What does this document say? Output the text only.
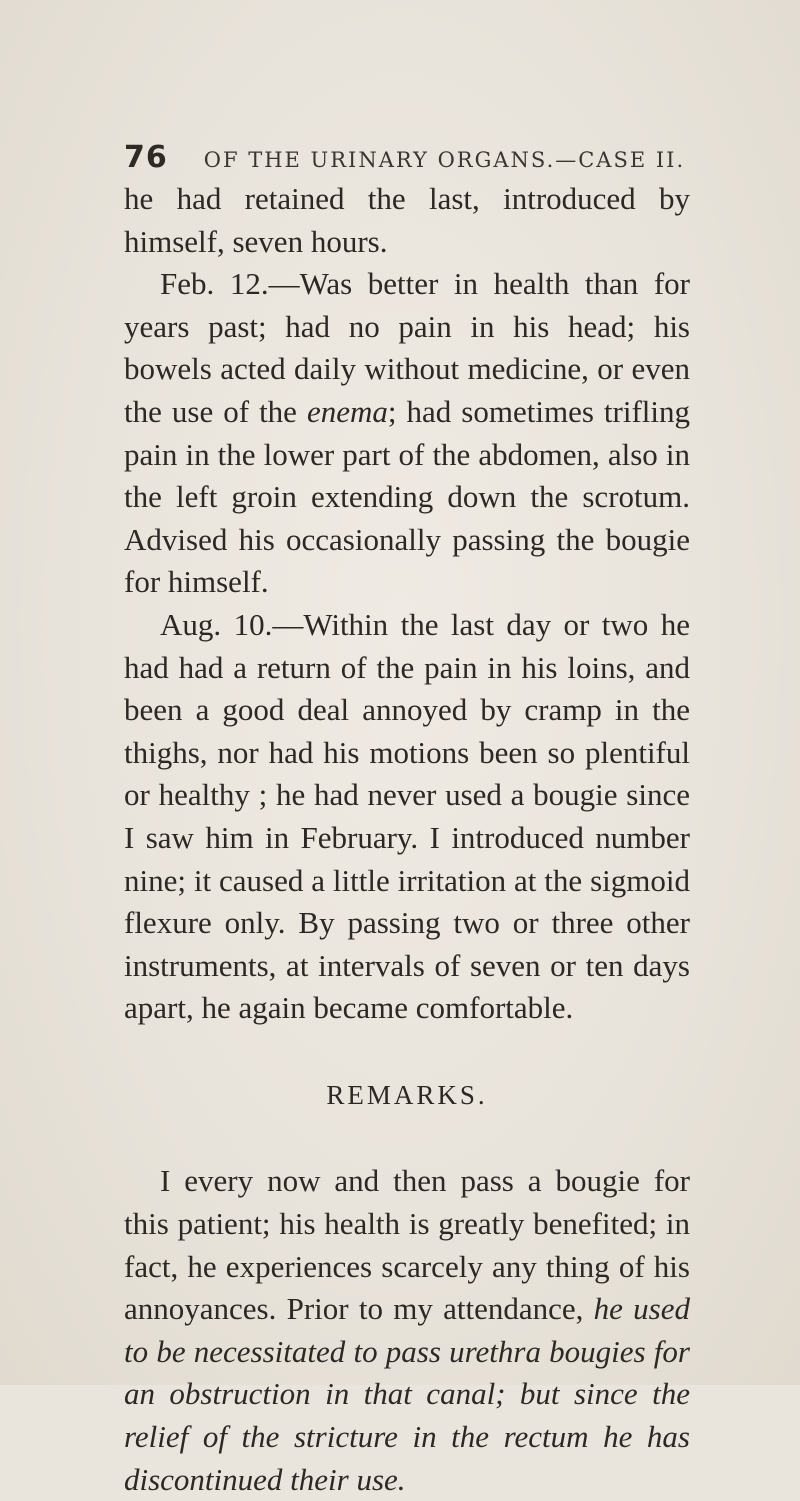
76 OF THE URINARY ORGANS.—CASE II.

he had retained the last, introduced by himself, seven hours.

Feb. 12.—Was better in health than for years past; had no pain in his head; his bowels acted daily without medicine, or even the use of the enema; had sometimes trifling pain in the lower part of the abdomen, also in the left groin extending down the scrotum. Advised his occasionally passing the bougie for himself.

Aug. 10.—Within the last day or two he had had a return of the pain in his loins, and been a good deal annoyed by cramp in the thighs, nor had his motions been so plentiful or healthy ; he had never used a bougie since I saw him in February. I introduced number nine; it caused a little irritation at the sigmoid flexure only. By passing two or three other instruments, at intervals of seven or ten days apart, he again became comfortable.

REMARKS.

I every now and then pass a bougie for this patient; his health is greatly benefited; in fact, he experiences scarcely any thing of his annoyances. Prior to my attendance, he used to be necessitated to pass urethra bougies for an obstruction in that canal; but since the relief of the stricture in the rectum he has discontinued their use.
